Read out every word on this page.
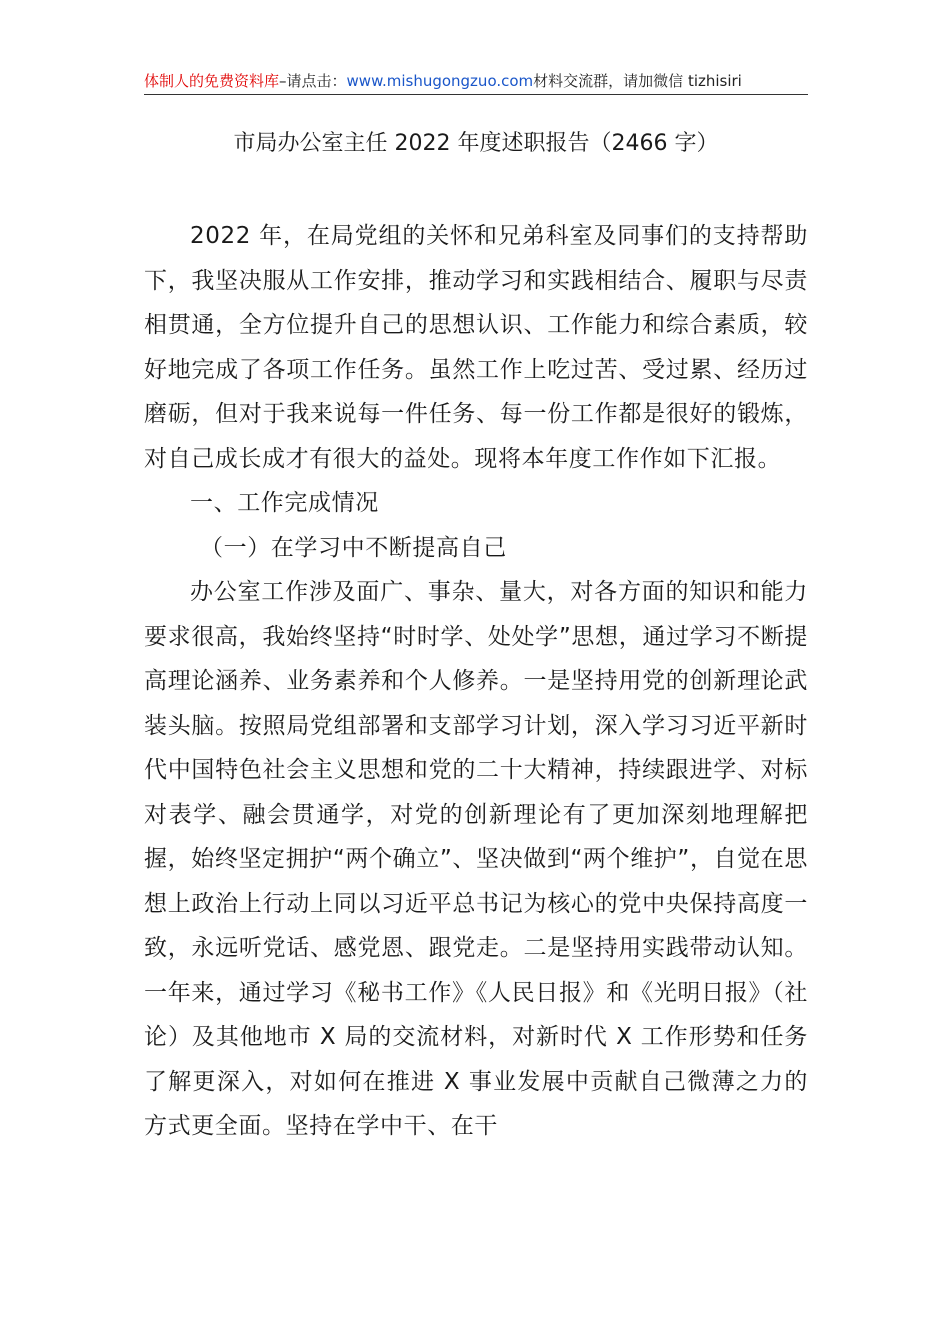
体制人的免费资料库–请点击：www.mishugongzuo.com材料交流群，请加微信 tizhisiri
市局办公室主任 2022 年度述职报告（2466 字）

2022 年，在局党组的关怀和兄弟科室及同事们的支持帮助下，我坚决服从工作安排，推动学习和实践相结合、履职与尽责相贯通，全方位提升自己的思想认识、工作能力和综合素质，较好地完成了各项工作任务。虽然工作上吃过苦、受过累、经历过磨砺，但对于我来说每一件任务、每一份工作都是很好的锻炼，对自己成长成才有很大的益处。现将本年度工作作如下汇报。

一、工作完成情况

（一）在学习中不断提高自己

办公室工作涉及面广、事杂、量大，对各方面的知识和能力要求很高，我始终坚持“时时学、处处学”思想，通过学习不断提高理论涵养、业务素养和个人修养。一是坚持用党的创新理论武装头脑。按照局党组部署和支部学习计划，深入学习习近平新时代中国特色社会主义思想和党的二十大精神，持续跟进学、对标对表学、融会贯通学，对党的创新理论有了更加深刻地理解把握，始终坚定拥护“两个确立”、坚决做到“两个维护”，自觉在思想上政治上行动上同以习近平总书记为核心的党中央保持高度一致，永远听党话、感党恩、跟党走。二是坚持用实践带动认知。一年来，通过学习《秘书工作》《人民日报》和《光明日报》（社论）及其他地市 X 局的交流材料，对新时代 X 工作形势和任务了解更深入，对如何在推进 X 事业发展中贡献自己微薄之力的方式更全面。坚持在学中干、在干
